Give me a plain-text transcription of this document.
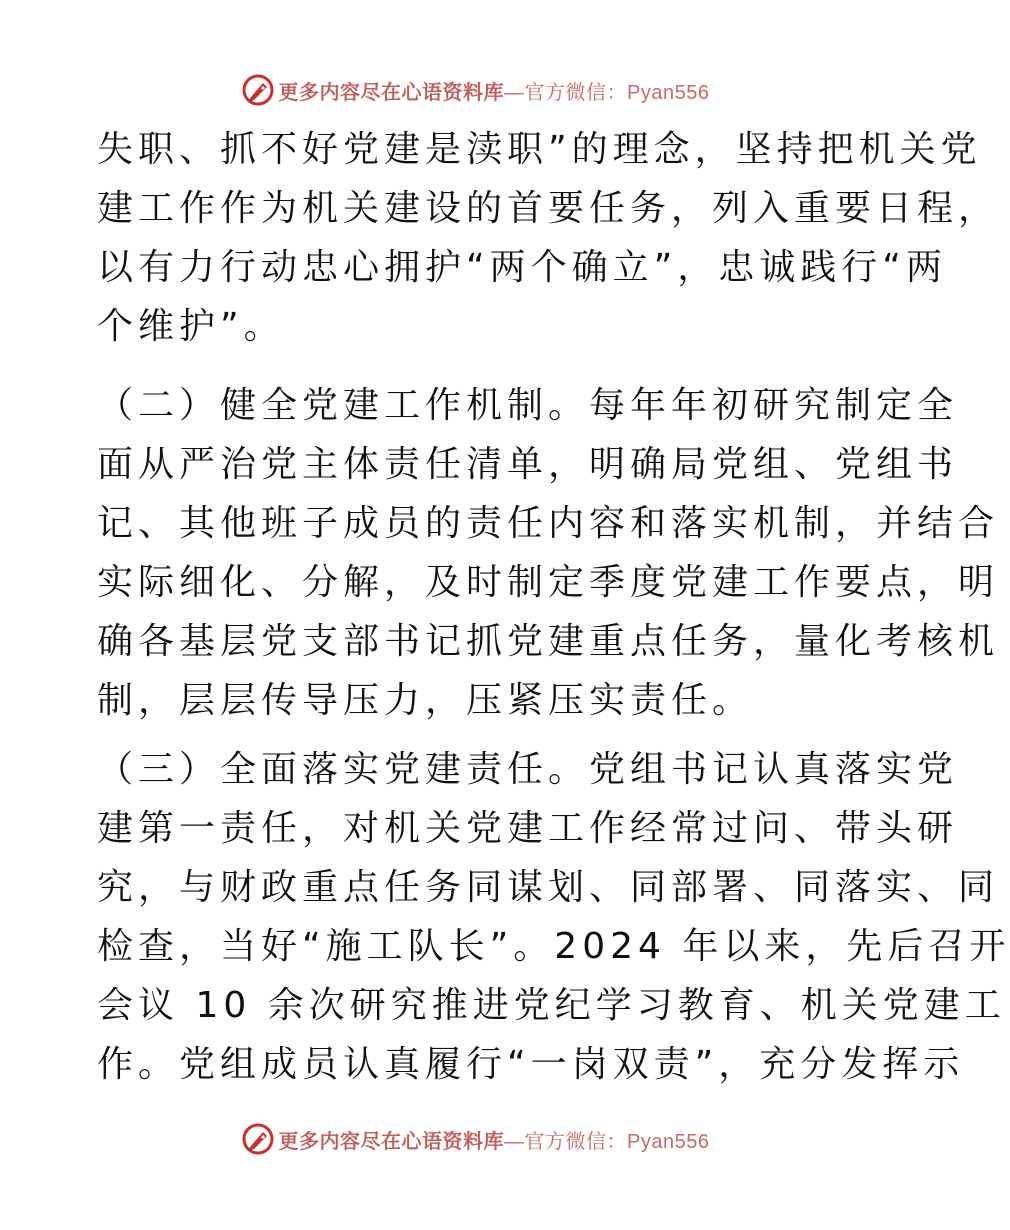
更多内容尽在心语资料库 —官方微信：Pyan556
失职、抓不好党建是渎职”的理念，坚持把机关党
建工作作为机关建设的首要任务，列入重要日程，
以有力行动忠心拥护“两个确立”，忠诚践行“两
个维护”。
（二）健全党建工作机制。每年年初研究制定全
面从严治党主体责任清单，明确局党组、党组书
记、其他班子成员的责任内容和落实机制，并结合
实际细化、分解，及时制定季度党建工作要点，明
确各基层党支部书记抓党建重点任务，量化考核机
制，层层传导压力，压紧压实责任。
（三）全面落实党建责任。党组书记认真落实党
建第一责任，对机关党建工作经常过问、带头研
究，与财政重点任务同谋划、同部署、同落实、同
检查，当好“施工队长”。2024 年以来，先后召开
会议 10 余次研究推进党纪学习教育、机关党建工
作。党组成员认真履行“一岗双责”，充分发挥示
更多内容尽在心语资料库 —官方微信：Pyan556
